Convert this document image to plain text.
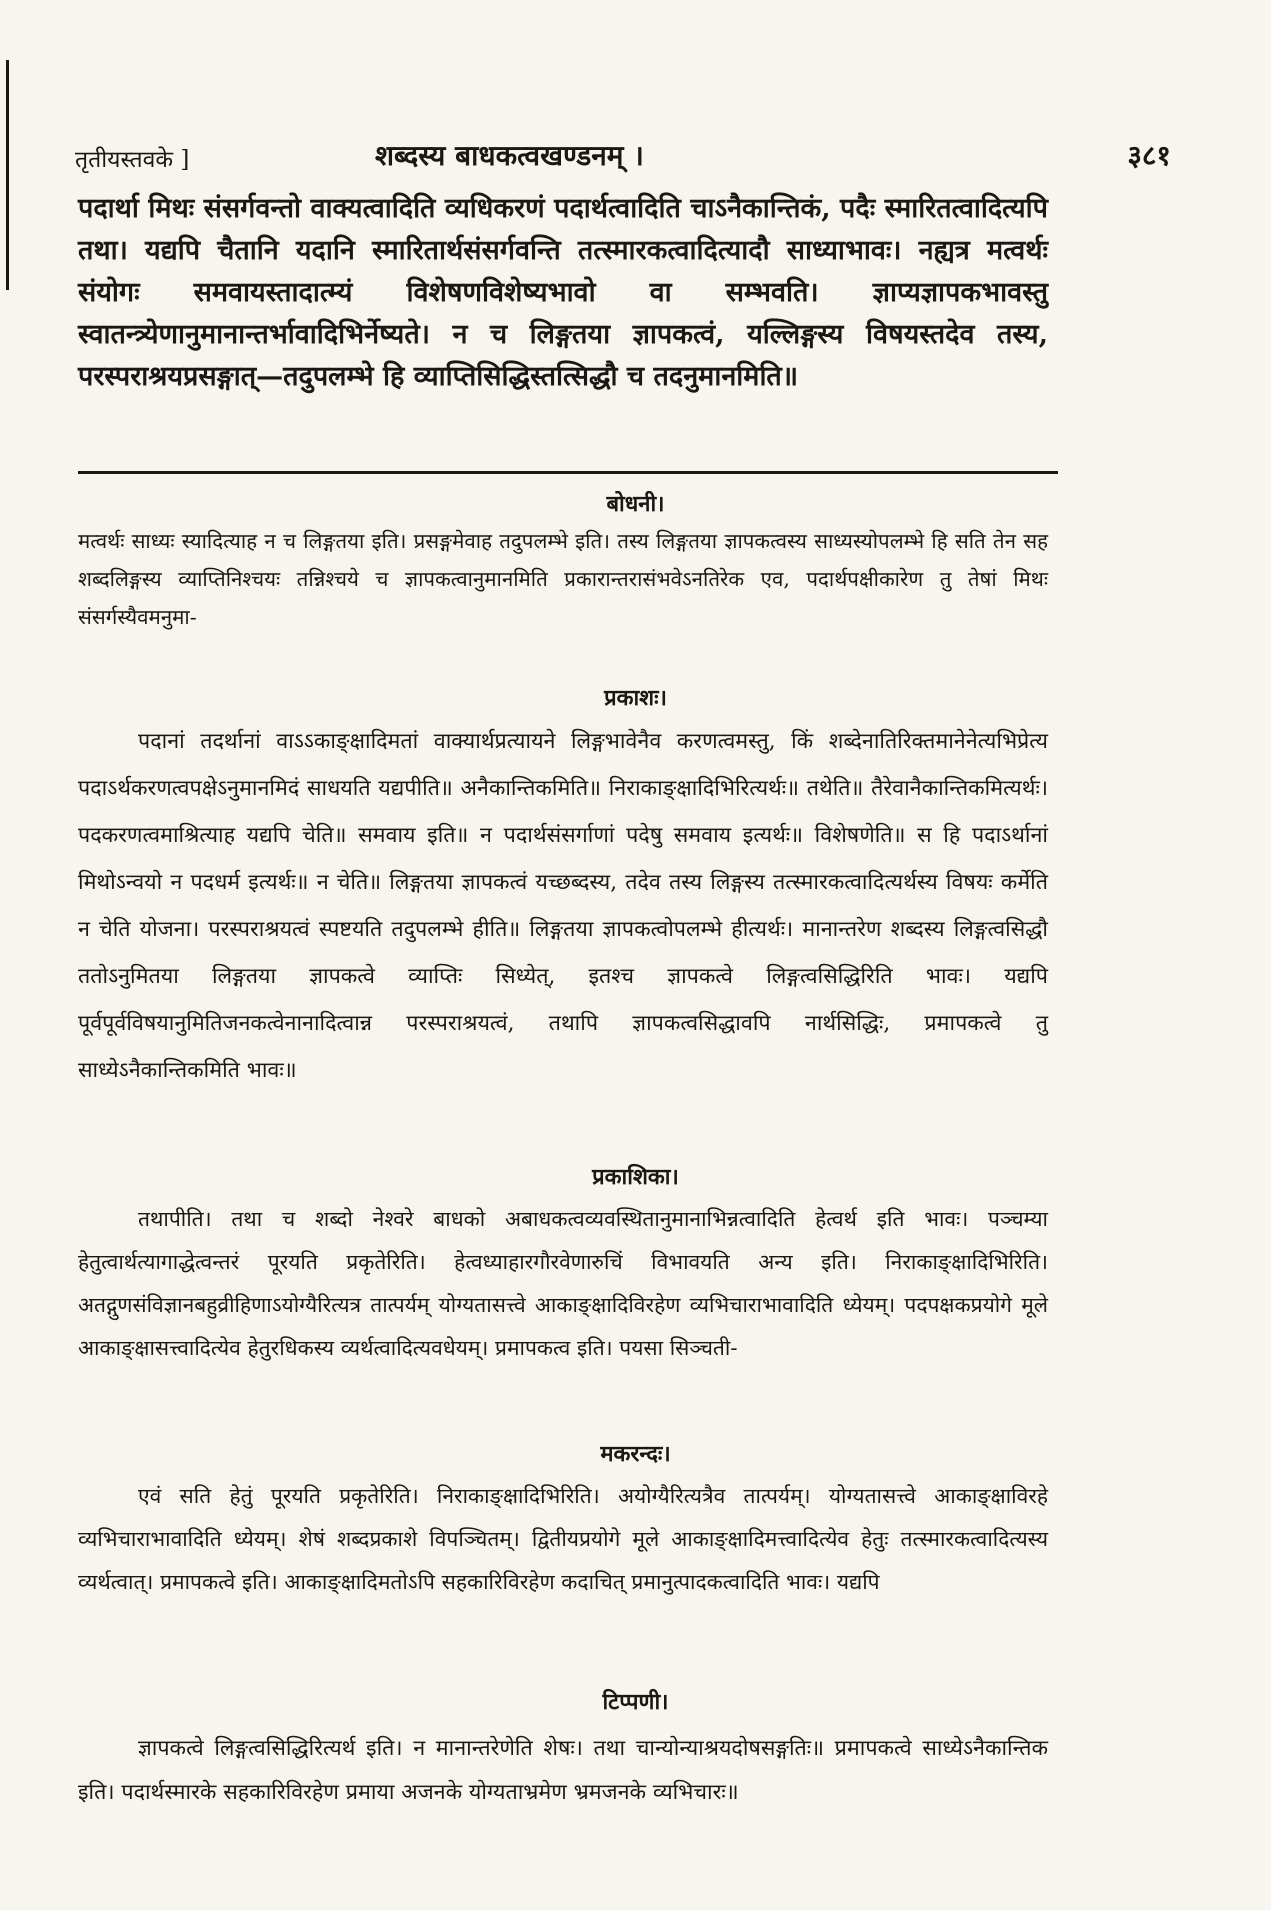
तृतीयस्तवके ]	शब्दस्य बाधकत्वखण्डनम् ।	३८१

पदार्था मिथः संसर्गवन्तो वाक्यत्वादिति व्यधिकरणं पदार्थत्वादिति चाऽनैकान्तिकं, पदैः स्मारितत्वादित्यपि तथा। यद्यपि चैतानि यदानि स्मारितार्थसंसर्गवन्ति तत्स्मारकत्वादित्यादौ साध्याभावः। नह्यत्र मत्वर्थः संयोगः समवायस्तादात्म्यं विशेषणविशेष्यभावो वा सम्भवति। ज्ञाप्यज्ञापकभावस्तु स्वातन्त्र्येणानुमानान्तर्भावादिभिर्नेष्यते। न च लिङ्गतया ज्ञापकत्वं, यल्लिङ्गस्य विषयस्तदेव तस्य, परस्पराश्रयप्रसङ्गात्—तदुपलम्भे हि व्याप्तिसिद्धिस्तत्सिद्धौ च तदनुमानमिति॥

बोधनी।

मत्वर्थः साध्यः स्यादित्याह न च लिङ्गतया इति। प्रसङ्गमेवाह तदुपलम्भे इति। तस्य लिङ्गतया ज्ञापकत्वस्य साध्यस्योपलम्भे हि सति तेन सह शब्दलिङ्गस्य व्याप्तिनिश्चयः तन्निश्चये च ज्ञापकत्वानुमानमिति प्रकारान्तरासंभवेऽनतिरेक एव, पदार्थपक्षीकारेण तु तेषां मिथः संसर्गस्यैवमनुमा-

प्रकाशः।

पदानां तदर्थानां वाऽऽकाङ्क्षादिमतां वाक्यार्थप्रत्यायने लिङ्गभावेनैव करणत्वमस्तु, किं शब्देनातिरिक्तमानेनेत्यभिप्रेत्य पदाऽर्थकरणत्वपक्षेऽनुमानमिदं साधयति यद्यपीति॥ अनैकान्तिकमिति॥ निराकाङ्क्षादिभिरित्यर्थः॥ तथेति॥ तैरेवानैकान्तिकमित्यर्थः। पदकरणत्वमाश्रित्याह यद्यपि चेति॥ समवाय इति॥ न पदार्थसंसर्गाणां पदेषु समवाय इत्यर्थः॥ विशेषणेति॥ स हि पदाऽर्थानां मिथोऽन्वयो न पदधर्म इत्यर्थः॥ न चेति॥ लिङ्गतया ज्ञापकत्वं यच्छब्दस्य, तदेव तस्य लिङ्गस्य तत्स्मारकत्वादित्यर्थस्य विषयः कर्मेति न चेति योजना। परस्पराश्रयत्वं स्पष्टयति तदुपलम्भे हीति॥ लिङ्गतया ज्ञापकत्वोपलम्भे हीत्यर्थः। मानान्तरेण शब्दस्य लिङ्गत्वसिद्धौ ततोऽनुमितया लिङ्गतया ज्ञापकत्वे व्याप्तिः सिध्येत्, इतश्च ज्ञापकत्वे लिङ्गत्वसिद्धिरिति भावः। यद्यपि पूर्वपूर्वविषयानुमितिजनकत्वेनानादित्वान्न परस्पराश्रयत्वं, तथापि ज्ञापकत्वसिद्धावपि नार्थसिद्धिः, प्रमापकत्वे तु साध्येऽनैकान्तिकमिति भावः॥

प्रकाशिका।

तथापीति। तथा च शब्दो नेश्वरे बाधको अबाधकत्वव्यवस्थितानुमानाभिन्नत्वादिति हेत्वर्थ इति भावः। पञ्चम्या हेतुत्वार्थत्यागाद्धेत्वन्तरं पूरयति प्रकृतेरिति। हेत्वध्याहारगौरवेणारुचिं विभावयति अन्य इति। निराकाङ्क्षादिभिरिति। अतद्गुणसंविज्ञानबहुव्रीहिणाऽयोग्यैरित्यत्र तात्पर्यम् योग्यतासत्त्वे आकाङ्क्षादिविरहेण व्यभिचाराभावादिति ध्येयम्। पदपक्षकप्रयोगे मूले आकाङ्क्षासत्त्वादित्येव हेतुरधिकस्य व्यर्थत्वादित्यवधेयम्। प्रमापकत्व इति। पयसा सिञ्चती-

मकरन्दः।

एवं सति हेतुं पूरयति प्रकृतेरिति। निराकाङ्क्षादिभिरिति। अयोग्यैरित्यत्रैव तात्पर्यम्। योग्यतासत्त्वे आकाङ्क्षाविरहे व्यभिचाराभावादिति ध्येयम्। शेषं शब्दप्रकाशे विपञ्चितम्। द्वितीयप्रयोगे मूले आकाङ्क्षादिमत्त्वादित्येव हेतुः तत्स्मारकत्वादित्यस्य व्यर्थत्वात्। प्रमापकत्वे इति। आकाङ्क्षादिमतोऽपि सहकारिविरहेण कदाचित् प्रमानुत्पादकत्वादिति भावः। यद्यपि

टिप्पणी।

ज्ञापकत्वे लिङ्गत्वसिद्धिरित्यर्थ इति। न मानान्तरेणेति शेषः। तथा चान्योन्याश्रयदोषसङ्गतिः॥ प्रमापकत्वे साध्येऽनैकान्तिक इति। पदार्थस्मारके सहकारिविरहेण प्रमाया अजनके योग्यताभ्रमेण भ्रमजनके व्यभिचारः॥
